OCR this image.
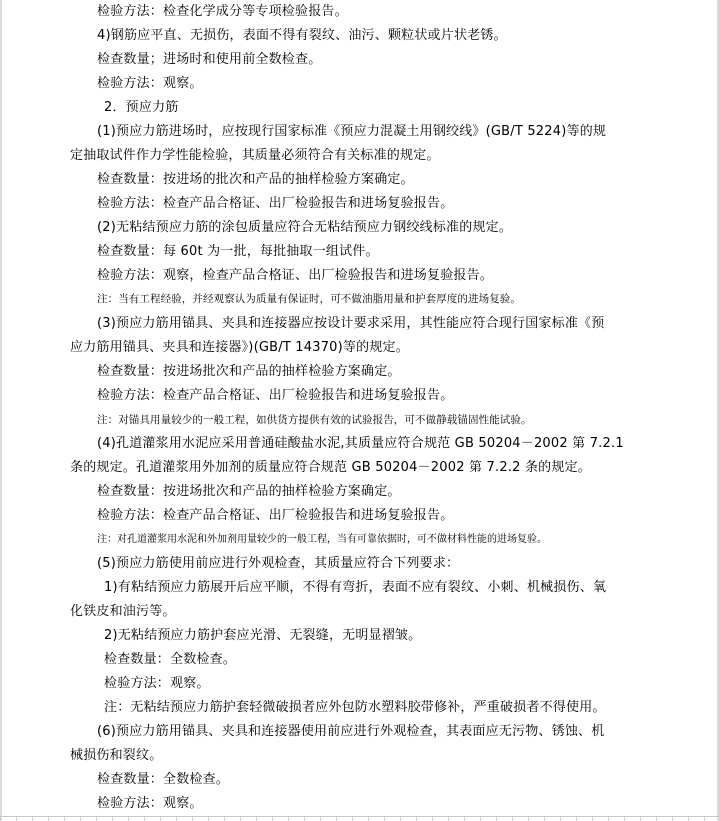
检验方法：检查化学成分等专项检验报告。
4)钢筋应平直、无损伤，表面不得有裂纹、油污、颗粒状或片状老锈。
检查数量；进场时和使用前全数检查。
检验方法：观察。
2．预应力筋
(1)预应力筋进场时，应按现行国家标准《预应力混凝土用钢绞线》(GB/T 5224)等的规
定抽取试件作力学性能检验，其质量必须符合有关标准的规定。
检查数量：按进场的批次和产品的抽样检验方案确定。
检验方法：检查产品合格证、出厂检验报告和进场复验报告。
(2)无粘结预应力筋的涂包质量应符合无粘结预应力钢绞线标准的规定。
检查数量：每 60t 为一批，每批抽取一组试件。
检验方法：观察，检查产品合格证、出厂检验报告和进场复验报告。
注：当有工程经验，并经观察认为质量有保证时，可不做油脂用量和护套厚度的进场复验。
(3)预应力筋用锚具、夹具和连接器应按设计要求采用，其性能应符合现行国家标准《预
应力筋用锚具、夹具和连接器》)(GB/T 14370)等的规定。
检查数量：按进场批次和产品的抽样检验方案确定。
检验方法：检查产品合格证、出厂检验报告和进场复验报告。
注：对锚具用量较少的一般工程，如供货方提供有效的试验报告，可不做静载锚固性能试验。
(4)孔道灌浆用水泥应采用普通硅酸盐水泥,其质量应符合规范 GB 50204－2002 第 7.2.1
条的规定。孔道灌浆用外加剂的质量应符合规范 GB 50204－2002 第 7.2.2 条的规定。
检查数量：按进场批次和产品的抽样检验方案确定。
检验方法：检查产品合格证、出厂检验报告和进场复验报告。
注：对孔道灌浆用水泥和外加剂用量较少的一般工程，当有可靠依据时，可不做材料性能的进场复验。
(5)预应力筋使用前应进行外观检查，其质量应符合下列要求：
1)有粘结预应力筋展开后应平顺，不得有弯折，表面不应有裂纹、小刺、机械损伤、氧
化铁皮和油污等。
2)无粘结预应力筋护套应光滑、无裂缝，无明显褶皱。
检查数量：全数检查。
检验方法：观察。
注：无粘结预应力筋护套轻微破损者应外包防水塑料胶带修补，严重破损者不得使用。
(6)预应力筋用锚具、夹具和连接器使用前应进行外观检查，其表面应无污物、锈蚀、机
械损伤和裂纹。
检查数量：全数检查。
检验方法：观察。
